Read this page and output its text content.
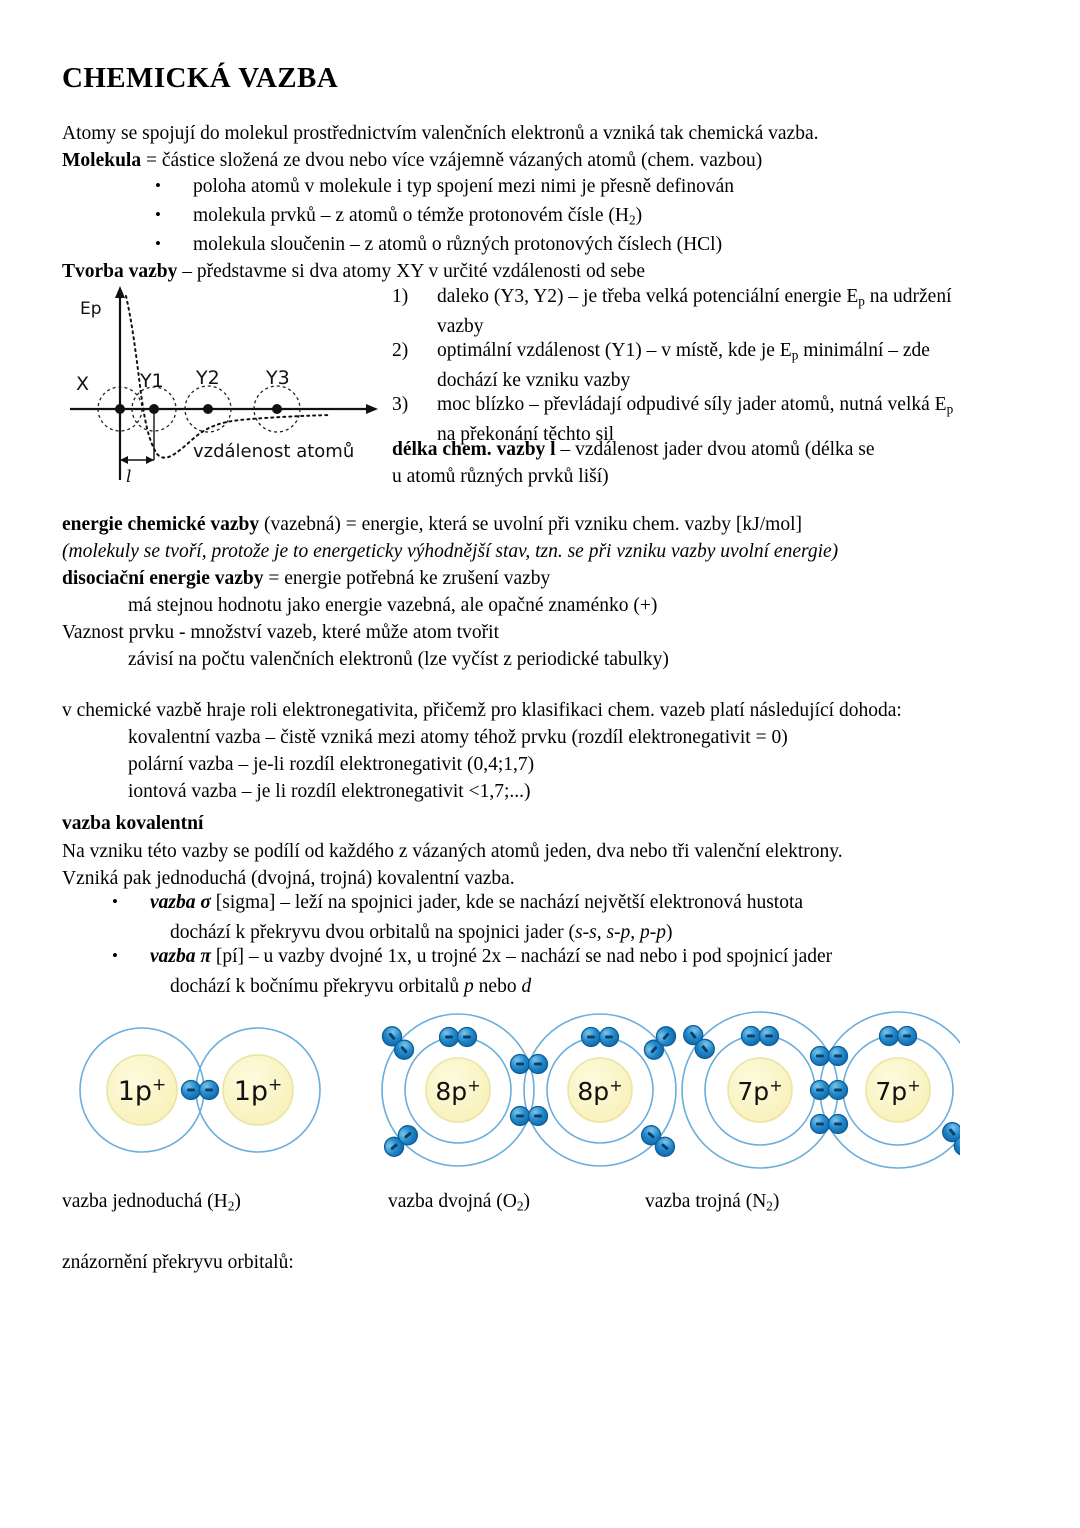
CHEMICKÁ VAZBA
Atomy se spojují do molekul prostřednictvím valenčních elektronů a vzniká tak chemická vazba.
Molekula = částice složená ze dvou nebo více vzájemně vázaných atomů (chem. vazbou)
• poloha atomů v molekule i typ spojení mezi nimi je přesně definován
• molekula prvků – z atomů o témže protonovém čísle $(H_2)$
• molekula sloučenin – z atomů o různých protonových číslech (HCl)
Tvorba vazby – představme si dva atomy XY v určité vzdálenosti od sebe
1) daleko (Y3, Y2) – je třeba velká potenciální energie $E_p$ na udržení
vazby
2) optimální vzdálenost (Y1) – v místě, kde je $E_p$ minimální – zde
dochází ke vzniku vazby
3) moc blízko – převládají odpudivé síly jader atomů, nutná velká $E_p$
na překonání těchto sil
délka chem. vazby l – vzdálenost jader dvou atomů (délka se
u atomů různých prvků liší)
Ep
X	Y1 Y2 Y3
vzdálenost atomů
l
energie chemické vazby (vazebná) = energie, která se uvolní při vzniku chem. vazby [kJ/mol]
(molekuly se tvoří, protože je to energeticky výhodnější stav, tzn. se při vzniku vazby uvolní energie)
disociační energie vazby = energie potřebná ke zrušení vazby
má stejnou hodnotu jako energie vazebná, ale opačné znaménko (+)
Vaznost prvku - množství vazeb, které může atom tvořit
závisí na počtu valenčních elektronů (lze vyčíst z periodické tabulky)
v chemické vazbě hraje roli elektronegativita, přičemž pro klasifikaci chem. vazeb platí následující dohoda:
kovalentní vazba – čistě vzniká mezi atomy téhož prvku (rozdíl elektronegativit = 0)
polární vazba – je-li rozdíl elektronegativit (0,4;1,7)
iontová vazba – je li rozdíl elektronegativit <1,7;...)
vazba kovalentní
Na vzniku této vazby se podílí od každého z vázaných atomů jeden, dva nebo tři valenční elektrony.
Vzniká pak jednoduchá (dvojná, trojná) kovalentní vazba.
• vazba σ [sigma] – leží na spojnici jader, kde se nachází největší elektronová hustota
dochází k překryvu dvou orbitalů na spojnici jader (s-s, s-p, p-p)
• vazba π [pí] – u vazby dvojné 1x, u trojné 2x – nachází se nad nebo i pod spojnicí jader
dochází k bočnímu překryvu orbitalů p nebo d
1p+ 1p+	8p+	8p+	7p+	7p+
vazba jednoduchá $(H_2)$	vazba dvojná $(O_2)$	vazba trojná $(N_2)$
znázornění překryvu orbitalů:
